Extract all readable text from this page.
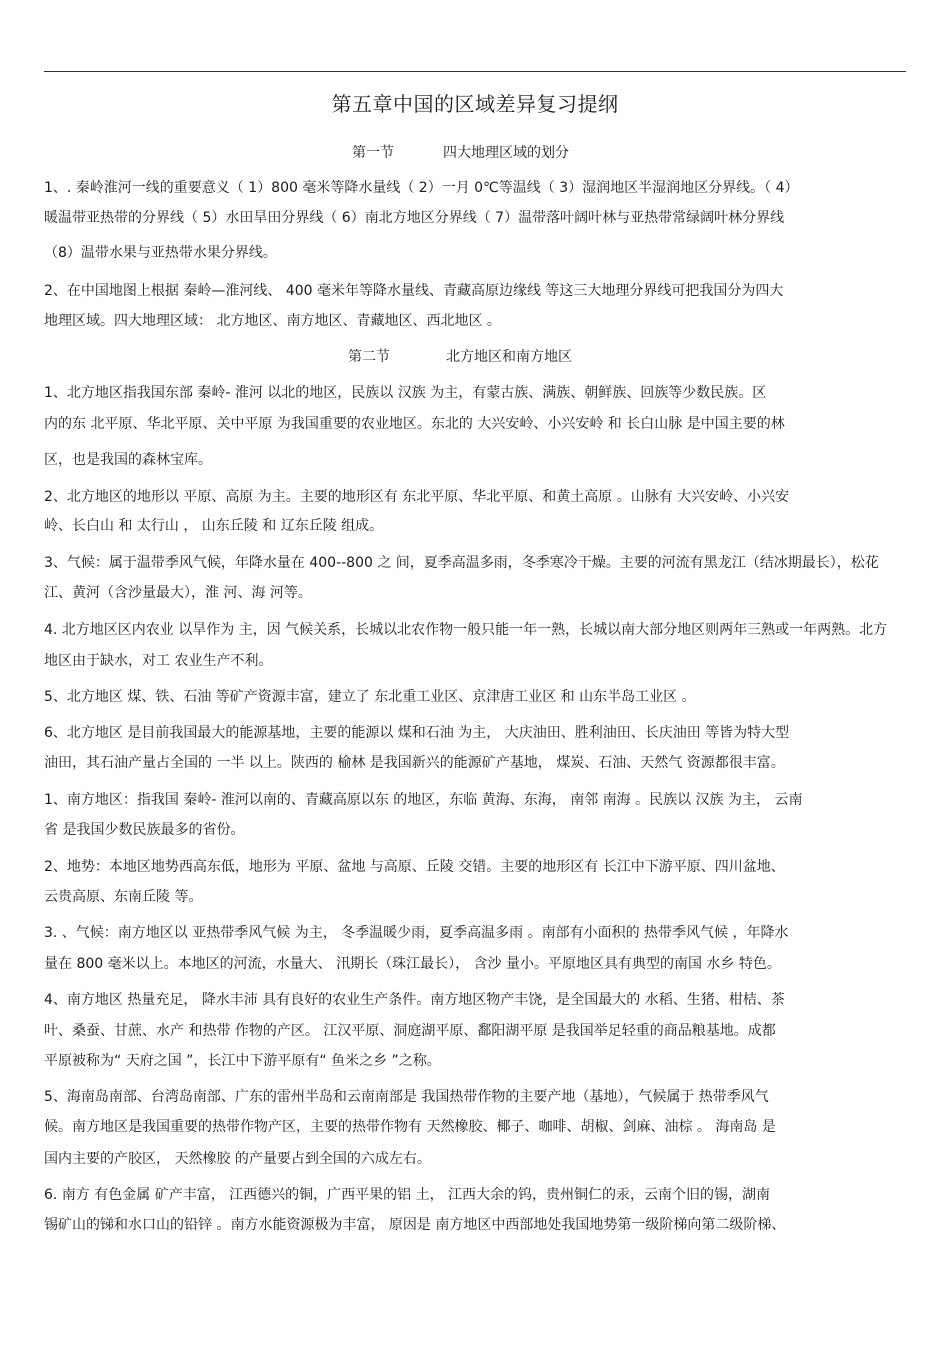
第五章中国的区域差异复习提纲
第一节	四大地理区域的划分
1、. 秦岭淮河一线的重要意义（ 1）800 毫米等降水量线（ 2）一月 0℃等温线（ 3）湿润地区半湿润地区分界线。（ 4）
暖温带亚热带的分界线（ 5）水田旱田分界线（ 6）南北方地区分界线（ 7）温带落叶阔叶林与亚热带常绿阔叶林分界线
（8）温带水果与亚热带水果分界线。
2、在中国地图上根据 秦岭—淮河线、 400 毫米年等降水量线、青藏高原边缘线 等这三大地理分界线可把我国分为四大
地理区域。四大地理区域： 北方地区、南方地区、青藏地区、西北地区 。
第二节	北方地区和南方地区
1、北方地区指我国东部 秦岭- 淮河 以北的地区，民族以 汉族 为主，有蒙古族、满族、朝鲜族、回族等少数民族。区
内的东 北平原、华北平原、关中平原 为我国重要的农业地区。东北的 大兴安岭、小兴安岭 和 长白山脉 是中国主要的林
区，也是我国的森林宝库。
2、北方地区的地形以 平原、高原 为主。主要的地形区有 东北平原、华北平原、和黄土高原 。山脉有 大兴安岭、小兴安
岭、长白山 和 太行山 ， 山东丘陵 和 辽东丘陵 组成。
3、气候：属于温带季风气候，年降水量在 400--800 之 间，夏季高温多雨，冬季寒冷干燥。主要的河流有黑龙江（结冰期最长），松花
江、黄河（含沙量最大），淮 河、海 河等。
4. 北方地区区内农业 以旱作为 主，因 气候关系，长城以北农作物一般只能一年一熟，长城以南大部分地区则两年三熟或一年两熟。北方
地区由于缺水，对工 农业生产不利。
5、北方地区 煤、铁、石油 等矿产资源丰富，建立了 东北重工业区、京津唐工业区 和 山东半岛工业区 。
6、北方地区 是目前我国最大的能源基地，主要的能源以 煤和石油 为主， 大庆油田、胜利油田、长庆油田 等皆为特大型
油田，其石油产量占全国的 一半 以上。陕西的 榆林 是我国新兴的能源矿产基地， 煤炭、石油、天然气 资源都很丰富。
1、南方地区：指我国 秦岭- 淮河以南的、青藏高原以东 的地区，东临 黄海、东海， 南邻 南海 。民族以 汉族 为主， 云南
省 是我国少数民族最多的省份。
2、地势：本地区地势西高东低，地形为 平原、盆地 与高原、丘陵 交错。主要的地形区有 长江中下游平原、四川盆地、
云贵高原、东南丘陵 等。
3. 、气候：南方地区以 亚热带季风气候 为主， 冬季温暖少雨，夏季高温多雨 。南部有小面积的 热带季风气候 ，年降水
量在 800 毫米以上。本地区的河流，水量大、 汛期长（珠江最长）， 含沙 量小。平原地区具有典型的南国 水乡 特色。
4、南方地区 热量充足， 降水丰沛 具有良好的农业生产条件。南方地区物产丰饶，是全国最大的 水稻、生猪、柑桔、茶
叶、桑蚕、甘蔗、水产 和热带 作物的产区。 江汉平原、洞庭湖平原、鄱阳湖平原 是我国举足轻重的商品粮基地。成都
平原被称为“ 天府之国 ”，长江中下游平原有“ 鱼米之乡 ”之称。
5、海南岛南部、台湾岛南部、广东的雷州半岛和云南南部是 我国热带作物的主要产地（基地），气候属于 热带季风气
候。南方地区是我国重要的热带作物产区，主要的热带作物有 天然橡胶、椰子、咖啡、胡椒、剑麻、油棕 。 海南岛 是
国内主要的产胶区， 天然橡胶 的产量要占到全国的六成左右。
6. 南方 有色金属 矿产丰富， 江西德兴的铜，广西平果的铝 土， 江西大余的钨，贵州铜仁的汞，云南个旧的锡，湖南
锡矿山的锑和水口山的铅锌 。南方水能资源极为丰富， 原因是 南方地区中西部地处我国地势第一级阶梯向第二级阶梯、
